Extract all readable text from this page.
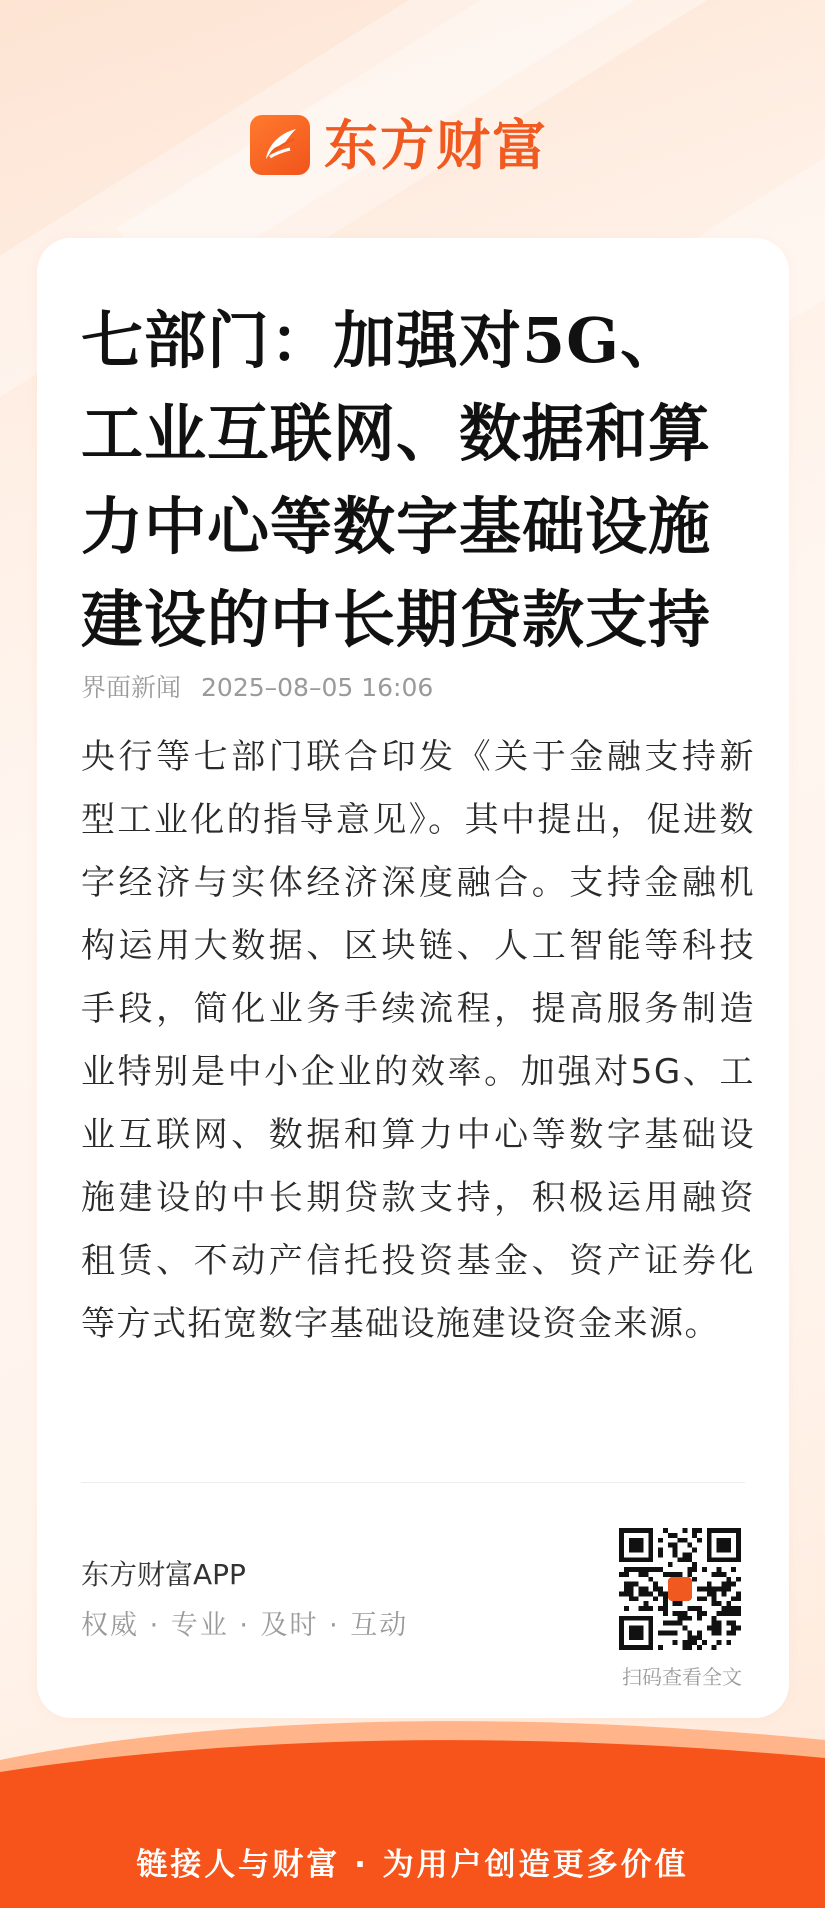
东方财富
七部门：加强对5G、
工业互联网、数据和算
力中心等数字基础设施
建设的中长期贷款支持
界面新闻 2025–08–05 16:06

央行等七部门联合印发《关于金融支持新型工业化的指导意见》。其中提出，促进数字经济与实体经济深度融合。支持金融机构运用大数据、区块链、人工智能等科技手段，简化业务手续流程，提高服务制造业特别是中小企业的效率。加强对5G、工业互联网、数据和算力中心等数字基础设施建设的中长期贷款支持，积极运用融资租赁、不动产信托投资基金、资产证券化等方式拓宽数字基础设施建设资金来源。

东方财富APP
权威 · 专业 · 及时 · 互动
扫码查看全文
链接人与财富 · 为用户创造更多价值
